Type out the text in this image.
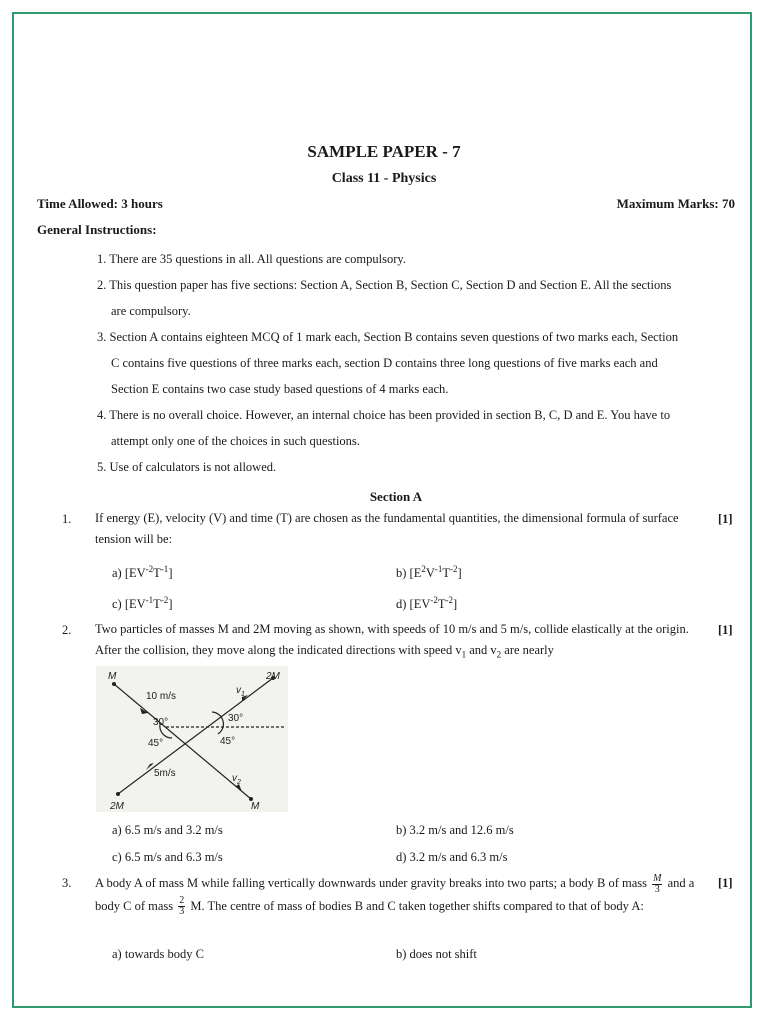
SAMPLE PAPER - 7
Class 11 - Physics
Time Allowed: 3 hours	Maximum Marks: 70
General Instructions:

1. There are 35 questions in all. All questions are compulsory.

2. This question paper has five sections: Section A, Section B, Section C, Section D and Section E. All the sections

are compulsory.

3. Section A contains eighteen MCQ of 1 mark each, Section B contains seven questions of two marks each, Section

C contains five questions of three marks each, section D contains three long questions of five marks each and

Section E contains two case study based questions of 4 marks each.

4. There is no overall choice. However, an internal choice has been provided in section B, C, D and E. You have to

attempt only one of the choices in such questions.

5. Use of calculators is not allowed.

Section A
1. If energy (E), velocity (V) and time (T) are chosen as the fundamental quantities, the dimensional formula of surface tension will be:
[1]
a) $[EV^{-2}T^{-1}]$	b) $[E^2V^{-1}T^{-2}]$
c) $[EV^{-1}T^{-2}]$	d) $[EV^{-2}T^{-2}]$
2. Two particles of masses M and 2M moving as shown, with speeds of 10 m/s and 5 m/s, collide elastically at the origin. After the collision, they move along the indicated directions with speed $v_1$ and $v_2$ are nearly
[1]
M	2M
2M	M
10 m/s
5m/s
30°	30°
45°	45°
$v_1$
$v_2$
a) 6.5 m/s and 3.2 m/s	b) 3.2 m/s and 12.6 m/s
c) 6.5 m/s and 6.3 m/s	d) 3.2 m/s and 6.3 m/s
3. A body A of mass M while falling vertically downwards under gravity breaks into two parts; a body B of mass $\frac{M}{3}$ and a body C of mass $\frac{2}{3} M$. The centre of mass of bodies B and C taken together shifts compared to that of body A:
[1]
a) towards body C	b) does not shift
